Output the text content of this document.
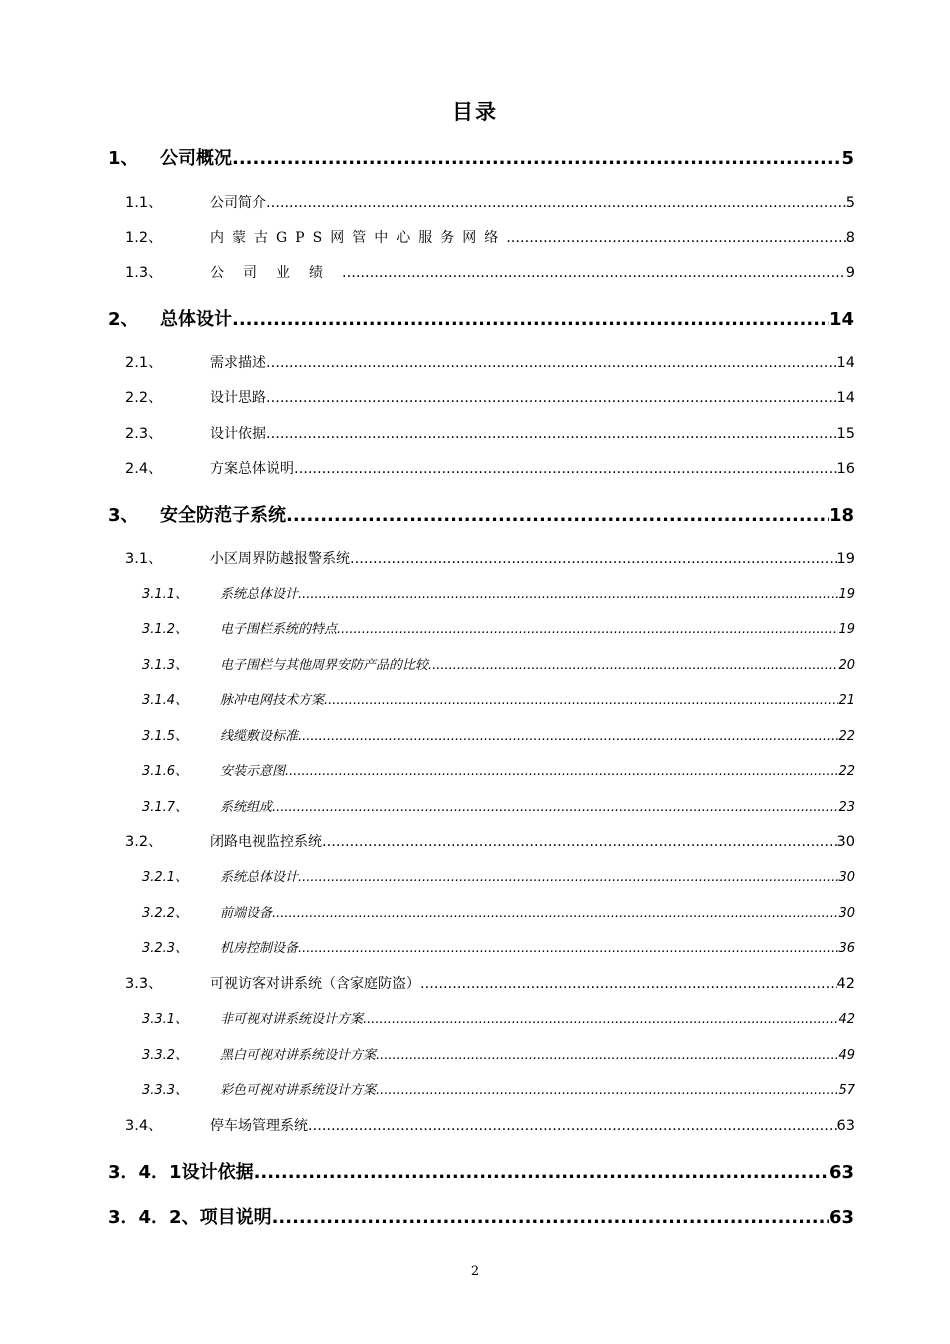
目录
1、	公司概况 .....	5
1.1、	公司简介 .....	5
1.2、	内蒙古GPS网管中心服务网络 .....	8
1.3、	公司业绩 .....	9
2、	总体设计 .....	14
2.1、	需求描述 .....	14
2.2、	设计思路 .....	14
2.3、	设计依据 .....	15
2.4、	方案总体说明 .....	16
3、	安全防范子系统 .....	18
3.1、	小区周界防越报警系统 .....	19
3.1.1、	系统总体设计 .....	19
3.1.2、	电子围栏系统的特点 .....	19
3.1.3、	电子围栏与其他周界安防产品的比较 .....	20
3.1.4、	脉冲电网技术方案 .....	21
3.1.5、	线缆敷设标准 .....	22
3.1.6、	安装示意图 .....	22
3.1.7、	系统组成 .....	23
3.2、	闭路电视监控系统 .....	30
3.2.1、	系统总体设计 .....	30
3.2.2、	前端设备 .....	30
3.2.3、	机房控制设备 .....	36
3.3、	可视访客对讲系统（含家庭防盗） .....	42
3.3.1、	非可视对讲系统设计方案 .....	42
3.3.2、	黑白可视对讲系统设计方案 .....	49
3.3.3、	彩色可视对讲系统设计方案 .....	57
3.4、	停车场管理系统 .....	63
3．4．1设计依据 .....	63
3．4．2、项目说明 .....	63
2
